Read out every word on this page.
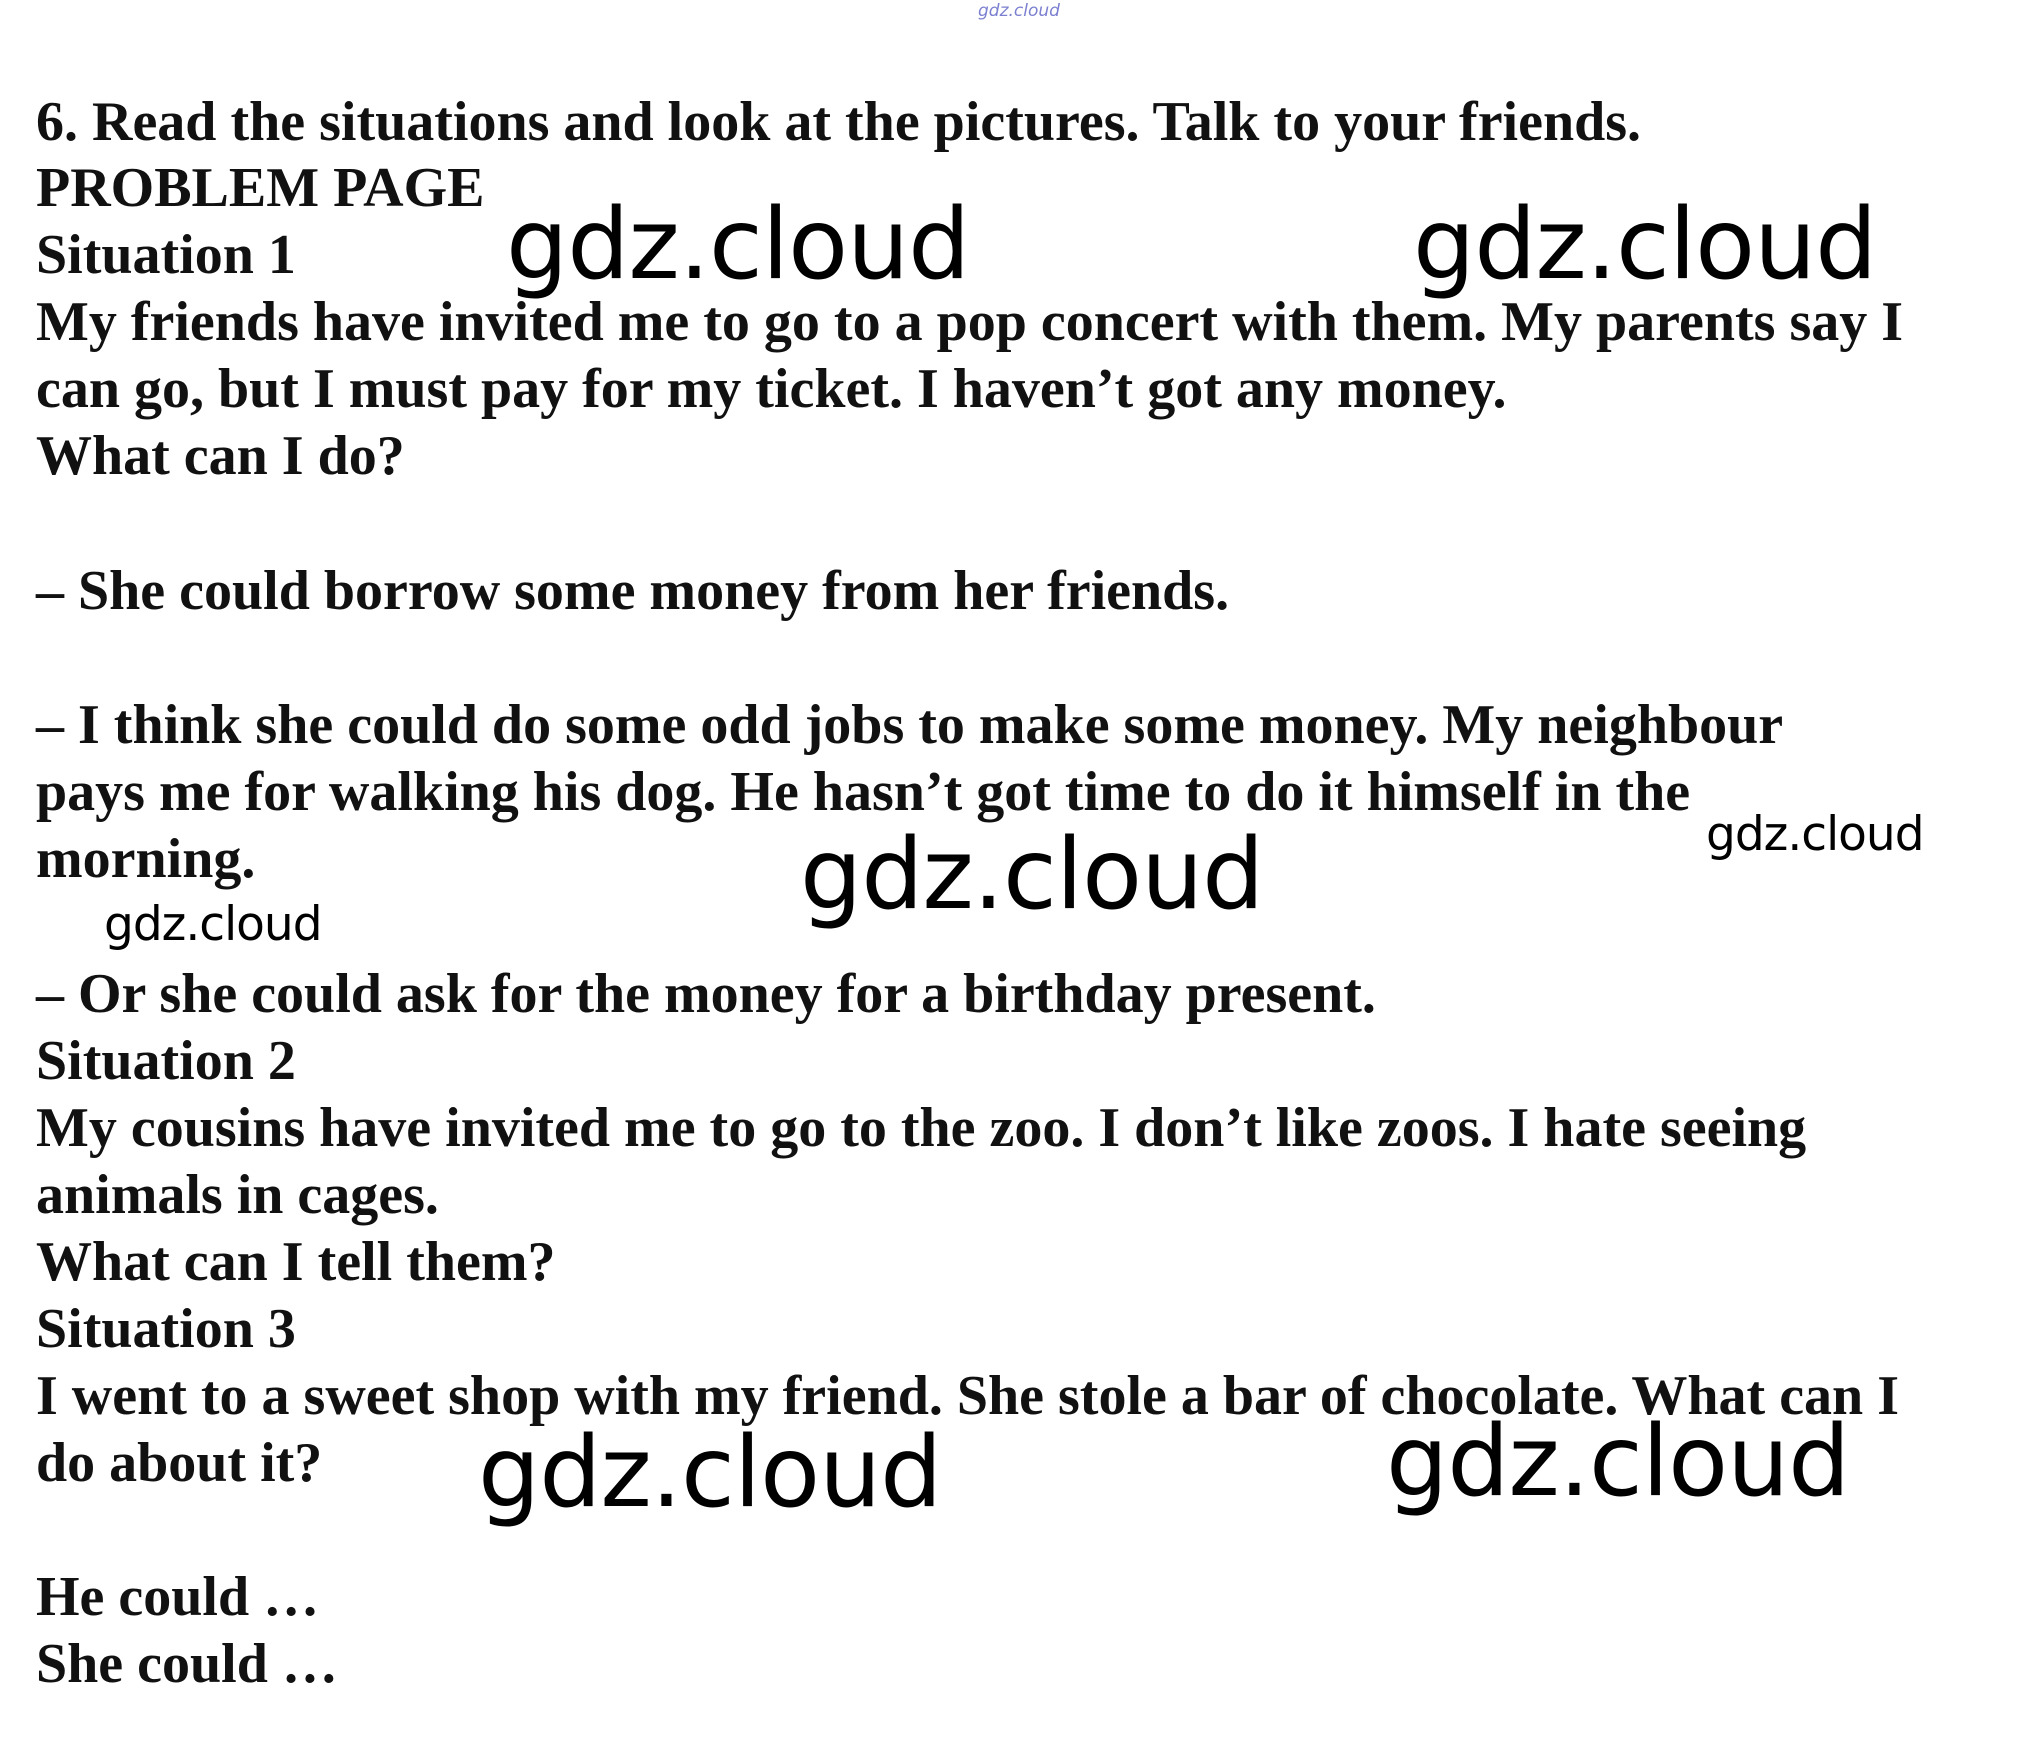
gdz.cloud
6. Read the situations and look at the pictures. Talk to your friends.
PROBLEM PAGE
Situation 1
My friends have invited me to go to a pop concert with them. My parents say I
can go, but I must pay for my ticket. I haven’t got any money.
What can I do?
– She could borrow some money from her friends.
– I think she could do some odd jobs to make some money. My neighbour
pays me for walking his dog. He hasn’t got time to do it himself in the
morning.
– Or she could ask for the money for a birthday present.
Situation 2
My cousins have invited me to go to the zoo. I don’t like zoos. I hate seeing
animals in cages.
What can I tell them?
Situation 3
I went to a sweet shop with my friend. She stole a bar of chocolate. What can I
do about it?
He could …
She could …
gdz.cloud	gdz.cloud
gdz.cloud
gdz.cloud
gdz.cloud
gdz.cloud	gdz.cloud
